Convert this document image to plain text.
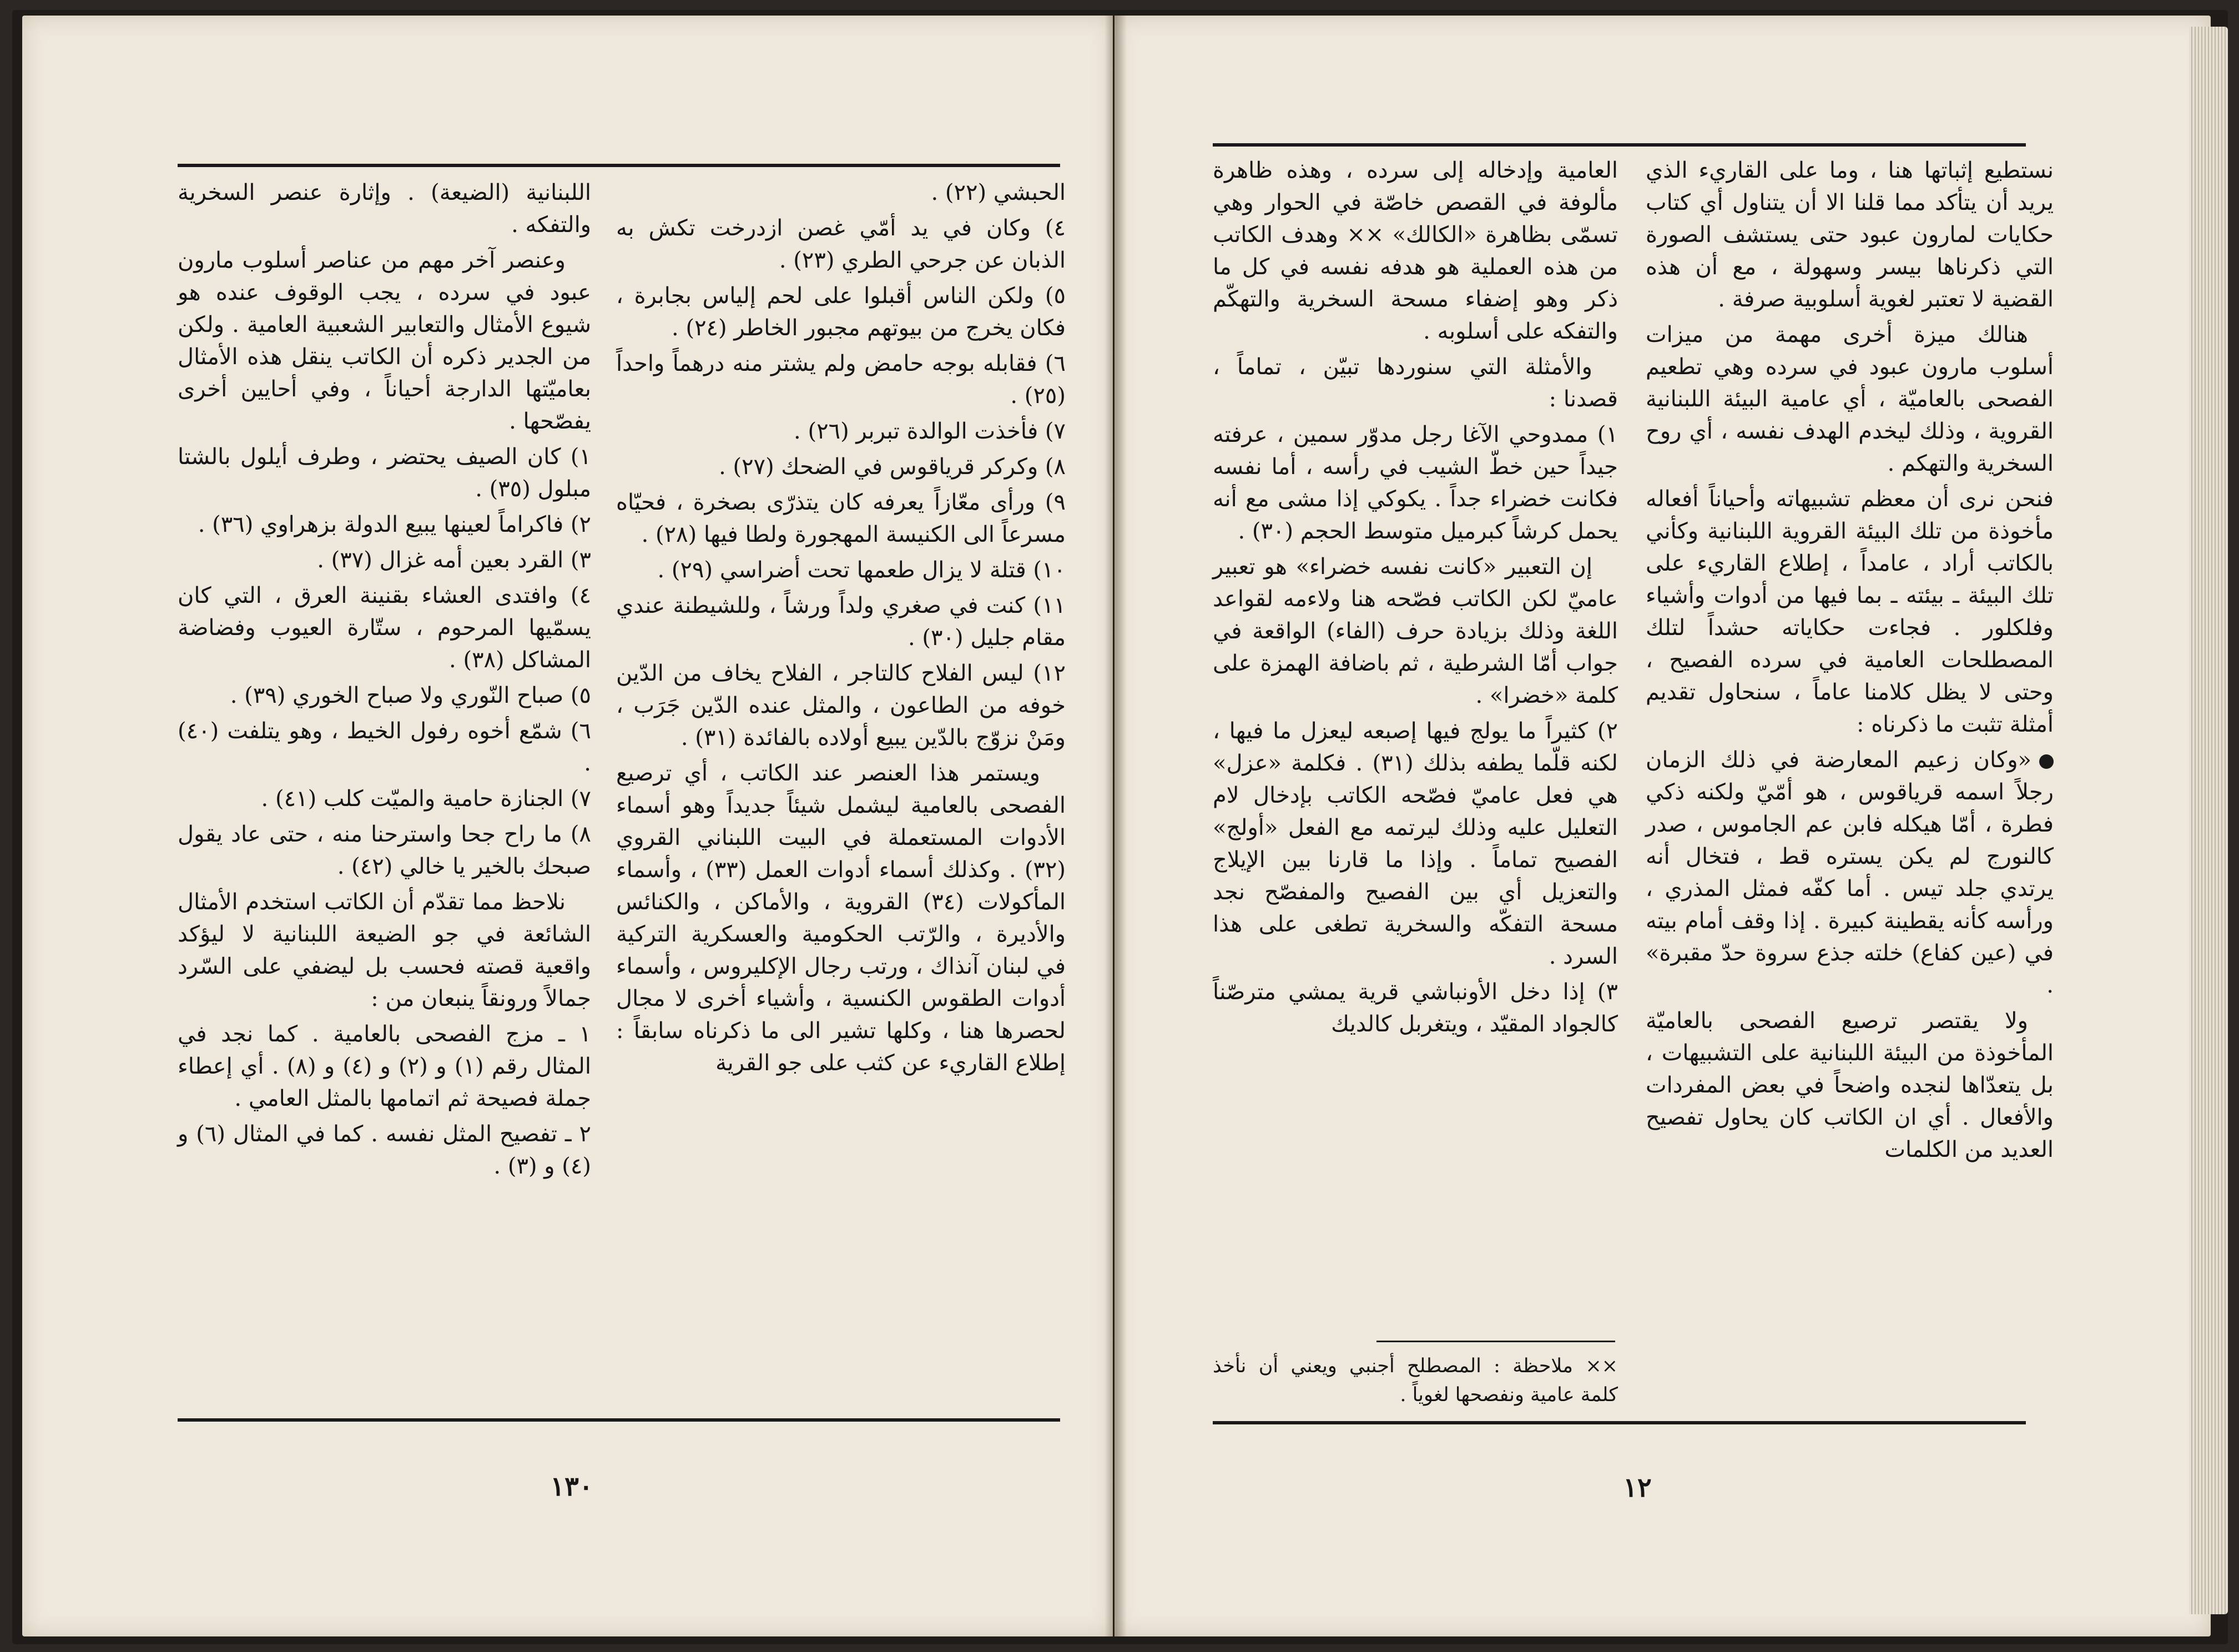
الحبشي (٢٢) .

٤) وكان في يد أمّي غصن ازدرخت تكش به الذبان عن جرحي الطري (٢٣) .

٥) ولكن الناس أقبلوا على لحم إلياس بجابرة ، فكان يخرج من بيوتهم مجبور الخاطر (٢٤) .

٦) فقابله بوجه حامض ولم يشتر منه درهماً واحداً (٢٥) .

٧) فأخذت الوالدة تبربر (٢٦) .

٨) وكركر قرياقوس في الضحك (٢٧) .

٩) ورأى معّازاً يعرفه كان يتذرّى بصخرة ، فحيّاه مسرعاً الى الكنيسة المهجورة ولطا فيها (٢٨) .

١٠) قتلة لا يزال طعمها تحت أضراسي (٢٩) .

١١) كنت في صغري ولداً ورشاً ، وللشيطنة عندي مقام جليل (٣٠) .

١٢) ليس الفلاح كالتاجر ، الفلاح يخاف من الدّين خوفه من الطاعون ، والمثل عنده الدّين جَرَب ، ومَنْ نزوّج بالدّين يبيع أولاده بالفائدة (٣١) .

ويستمر هذا العنصر عند الكاتب ، أي ترصيع الفصحى بالعامية ليشمل شيئاً جديداً وهو أسماء الأدوات المستعملة في البيت اللبناني القروي (٣٢) . وكذلك أسماء أدوات العمل (٣٣) ، وأسماء المأكولات (٣٤) القروية ، والأماكن ، والكنائس والأديرة ، والرّتب الحكومية والعسكرية التركية في لبنان آنذاك ، ورتب رجال الإكليروس ، وأسماء أدوات الطقوس الكنسية ، وأشياء أخرى لا مجال لحصرها هنا ، وكلها تشير الى ما ذكرناه سابقاً : إطلاع القاريء عن كثب على جو القرية

اللبنانية (الضيعة) . وإثارة عنصر السخرية والتفكه .

وعنصر آخر مهم من عناصر أسلوب مارون عبود في سرده ، يجب الوقوف عنده هو شيوع الأمثال والتعابير الشعبية العامية . ولكن من الجدير ذكره أن الكاتب ينقل هذه الأمثال بعاميّتها الدارجة أحياناً ، وفي أحايين أخرى يفصّحها .

١) كان الصيف يحتضر ، وطرف أيلول بالشتا مبلول (٣٥) .

٢) فاكراماً لعينها يبيع الدولة بزهراوي (٣٦) .

٣) القرد بعين أمه غزال (٣٧) .

٤) وافتدى العشاء بقنينة العرق ، التي كان يسمّيها المرحوم ، ستّارة العيوب وفضاضة المشاكل (٣٨) .

٥) صباح النّوري ولا صباح الخوري (٣٩) .

٦) شمّع أخوه رفول الخيط ، وهو يتلفت (٤٠) .

٧) الجنازة حامية والميّت كلب (٤١) .

٨) ما راح جحا واسترحنا منه ، حتى عاد يقول صبحك بالخير يا خالي (٤٢) .

نلاحظ مما تقدّم أن الكاتب استخدم الأمثال الشائعة في جو الضيعة اللبنانية لا ليؤكد واقعية قصته فحسب بل ليضفي على السّرد جمالاً ورونقاً ينبعان من :

١ ـ مزج الفصحى بالعامية . كما نجد في المثال رقم (١) و (٢) و (٤) و (٨) . أي إعطاء جملة فصيحة ثم اتمامها بالمثل العامي .

٢ ـ تفصيح المثل نفسه . كما في المثال (٦) و (٤) و (٣) .

١٣٠

نستطيع إثباتها هنا ، وما على القاريء الذي يريد أن يتأكد مما قلنا الا أن يتناول أي كتاب حكايات لمارون عبود حتى يستشف الصورة التي ذكرناها بيسر وسهولة ، مع أن هذه القضية لا تعتبر لغوية أسلوبية صرفة .

هنالك ميزة أخرى مهمة من ميزات أسلوب مارون عبود في سرده وهي تطعيم الفصحى بالعاميّة ، أي عامية البيئة اللبنانية القروية ، وذلك ليخدم الهدف نفسه ، أي روح السخرية والتهكم .

فنحن نرى أن معظم تشبيهاته وأحياناً أفعاله مأخوذة من تلك البيئة القروية اللبنانية وكأني بالكاتب أراد ، عامداً ، إطلاع القاريء على تلك البيئة ـ بيئته ـ بما فيها من أدوات وأشياء وفلكلور . فجاءت حكاياته حشداً لتلك المصطلحات العامية في سرده الفصيح ، وحتى لا يظل كلامنا عاماً ، سنحاول تقديم أمثلة تثبت ما ذكرناه :

«وكان زعيم المعارضة في ذلك الزمان رجلاً اسمه قرياقوس ، هو أمّيّ ولكنه ذكي فطرة ، أمّا هيكله فابن عم الجاموس ، صدر كالنورج لم يكن يستره قط ، فتخال أنه يرتدي جلد تيس . أما كفّه فمثل المذري ، ورأسه كأنه يقطينة كبيرة . إذا وقف أمام بيته في (عين كفاع) خلته جذع سروة حدّ مقبرة» .

ولا يقتصر ترصيع الفصحى بالعاميّة المأخوذة من البيئة اللبنانية على التشبيهات ، بل يتعدّاها لنجده واضحاً في بعض المفردات والأفعال . أي ان الكاتب كان يحاول تفصيح العديد من الكلمات

العامية وإدخاله إلى سرده ، وهذه ظاهرة مألوفة في القصص خاصّة في الحوار وهي تسمّى بظاهرة «الكالك» ×× وهدف الكاتب من هذه العملية هو هدفه نفسه في كل ما ذكر وهو إضفاء مسحة السخرية والتهكّم والتفكه على أسلوبه .

والأمثلة التي سنوردها تبيّن ، تماماً ، قصدنا :

١) ممدوحي الآغا رجل مدوّر سمين ، عرفته جيداً حين خطّ الشيب في رأسه ، أما نفسه فكانت خضراء جداً . يكوكي إذا مشى مع أنه يحمل كرشاً كبرميل متوسط الحجم (٣٠) .

إن التعبير «كانت نفسه خضراء» هو تعبير عاميّ لكن الكاتب فصّحه هنا ولاءمه لقواعد اللغة وذلك بزيادة حرف (الفاء) الواقعة في جواب أمّا الشرطية ، ثم باضافة الهمزة على كلمة «خضرا» .

٢) كثيراً ما يولج فيها إصبعه ليعزل ما فيها ، لكنه قلّما يطفه بذلك (٣١) . فكلمة «عزل» هي فعل عاميّ فصّحه الكاتب بإدخال لام التعليل عليه وذلك ليرتمه مع الفعل «أولج» الفصيح تماماً . وإذا ما قارنا بين الإيلاج والتعزيل أي بين الفصيح والمفصّح نجد مسحة التفكّه والسخرية تطغى على هذا السرد .

٣) إذا دخل الأونباشي قرية يمشي مترصّناً كالجواد المقيّد ، ويتغربل كالديك

×× ملاحظة : المصطلح أجنبي ويعني أن نأخذ كلمة عامية ونفصحها لغوياً .
١٢
